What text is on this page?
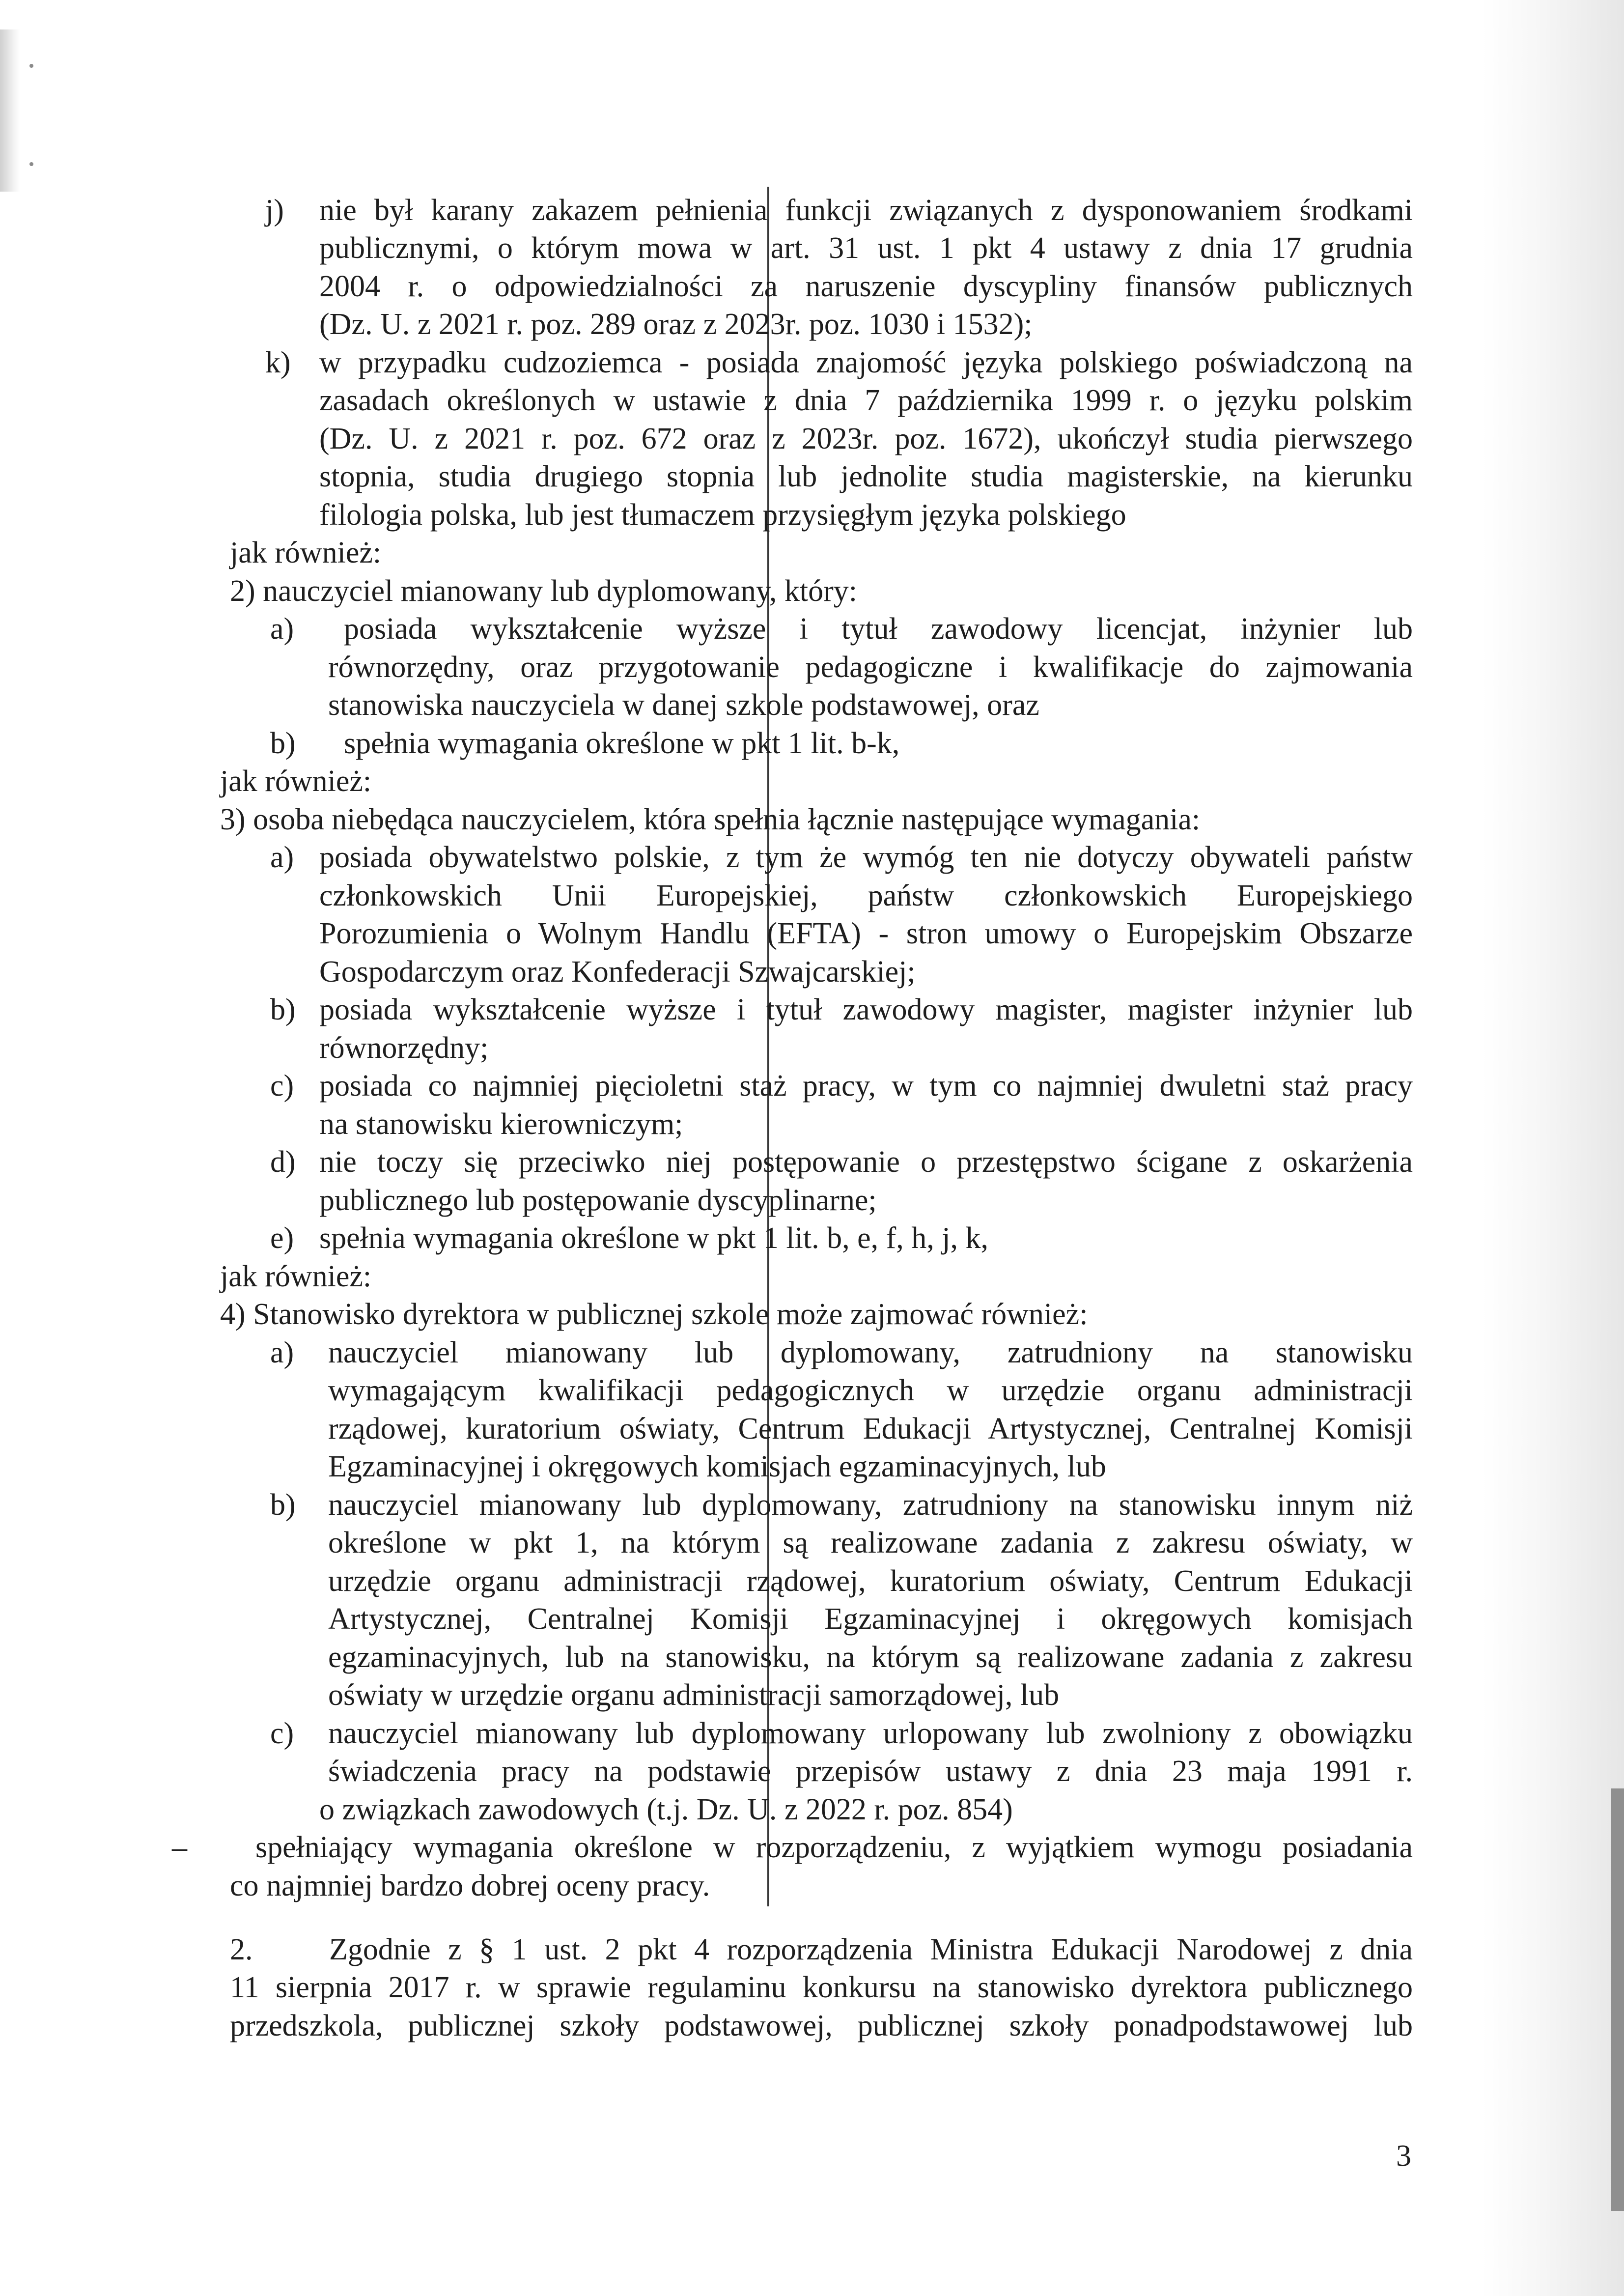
j) nie był karany zakazem pełnienia funkcji związanych z dysponowaniem środkami
publicznymi, o którym mowa w art. 31 ust. 1 pkt 4 ustawy z dnia 17 grudnia
2004 r. o odpowiedzialności za naruszenie dyscypliny finansów publicznych
(Dz. U. z 2021 r. poz. 289 oraz z 2023r. poz. 1030 i 1532);
k) w przypadku cudzoziemca - posiada znajomość języka polskiego poświadczoną na
zasadach określonych w ustawie z dnia 7 października 1999 r. o języku polskim
(Dz. U. z 2021 r. poz. 672 oraz z 2023r. poz. 1672), ukończył studia pierwszego
stopnia, studia drugiego stopnia lub jednolite studia magisterskie, na kierunku
filologia polska, lub jest tłumaczem przysięgłym języka polskiego
jak również:
2) nauczyciel mianowany lub dyplomowany, który:
a) posiada wykształcenie wyższe i tytuł zawodowy licencjat, inżynier lub
równorzędny, oraz przygotowanie pedagogiczne i kwalifikacje do zajmowania
stanowiska nauczyciela w danej szkole podstawowej, oraz
b) spełnia wymagania określone w pkt 1 lit. b-k,
jak również:
3) osoba niebędąca nauczycielem, która spełnia łącznie następujące wymagania:
a) posiada obywatelstwo polskie, z tym że wymóg ten nie dotyczy obywateli państw
członkowskich Unii Europejskiej, państw członkowskich Europejskiego
Porozumienia o Wolnym Handlu (EFTA) - stron umowy o Europejskim Obszarze
Gospodarczym oraz Konfederacji Szwajcarskiej;
b) posiada wykształcenie wyższe i tytuł zawodowy magister, magister inżynier lub
równorzędny;
c) posiada co najmniej pięcioletni staż pracy, w tym co najmniej dwuletni staż pracy
na stanowisku kierowniczym;
d) nie toczy się przeciwko niej postępowanie o przestępstwo ścigane z oskarżenia
publicznego lub postępowanie dyscyplinarne;
e) spełnia wymagania określone w pkt 1 lit. b, e, f, h, j, k,
jak również:
4) Stanowisko dyrektora w publicznej szkole może zajmować również:
a) nauczyciel mianowany lub dyplomowany, zatrudniony na stanowisku
wymagającym kwalifikacji pedagogicznych w urzędzie organu administracji
rządowej, kuratorium oświaty, Centrum Edukacji Artystycznej, Centralnej Komisji
Egzaminacyjnej i okręgowych komisjach egzaminacyjnych, lub
b) nauczyciel mianowany lub dyplomowany, zatrudniony na stanowisku innym niż
określone w pkt 1, na którym są realizowane zadania z zakresu oświaty, w
urzędzie organu administracji rządowej, kuratorium oświaty, Centrum Edukacji
Artystycznej, Centralnej Komisji Egzaminacyjnej i okręgowych komisjach
egzaminacyjnych, lub na stanowisku, na którym są realizowane zadania z zakresu
oświaty w urzędzie organu administracji samorządowej, lub
c) nauczyciel mianowany lub dyplomowany urlopowany lub zwolniony z obowiązku
świadczenia pracy na podstawie przepisów ustawy z dnia 23 maja 1991 r.
o związkach zawodowych (t.j. Dz. U. z 2022 r. poz. 854)
– spełniający wymagania określone w rozporządzeniu, z wyjątkiem wymogu posiadania
co najmniej bardzo dobrej oceny pracy.
2.	Zgodnie z § 1 ust. 2 pkt 4 rozporządzenia Ministra Edukacji Narodowej z dnia
11 sierpnia 2017 r. w sprawie regulaminu konkursu na stanowisko dyrektora publicznego
przedszkola, publicznej szkoły podstawowej, publicznej szkoły ponadpodstawowej lub
3
